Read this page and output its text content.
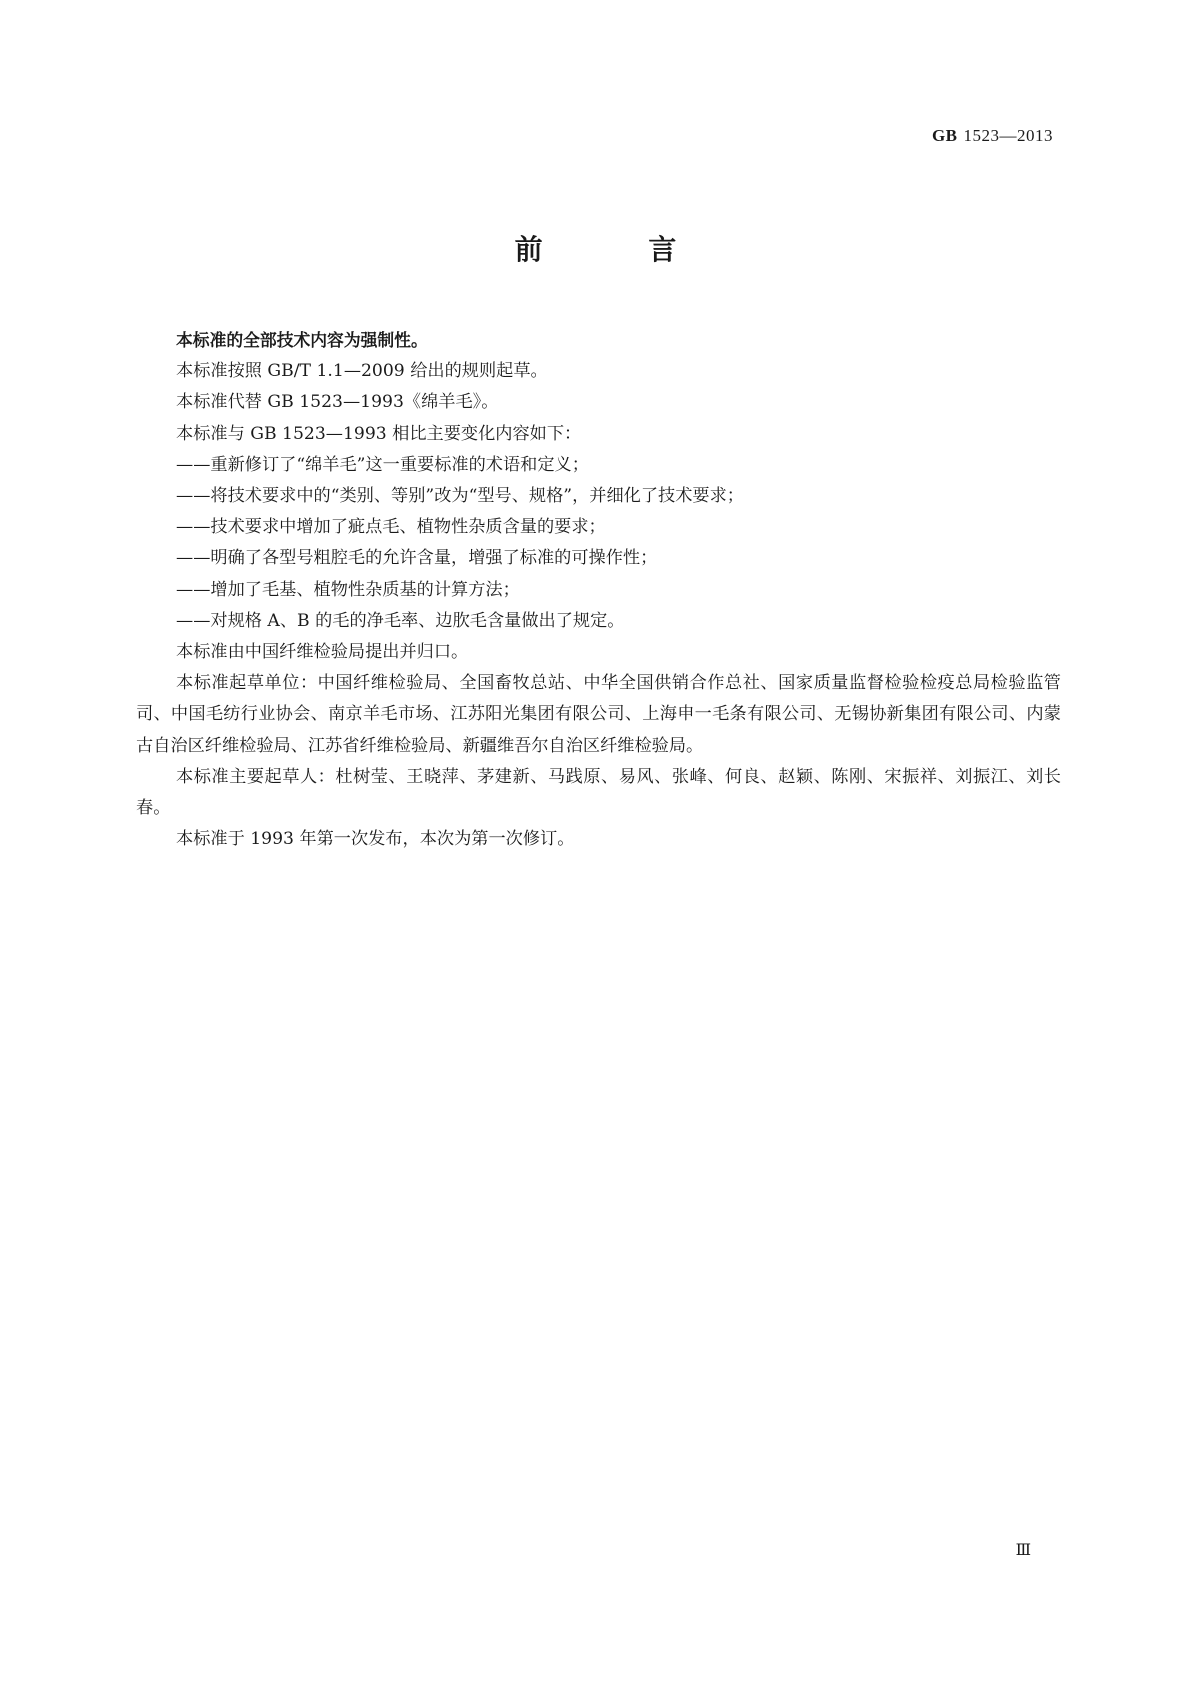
GB 1523—2013
前 言

本标准的全部技术内容为强制性。

本标准按照 GB/T 1.1—2009 给出的规则起草。

本标准代替 GB 1523—1993《绵羊毛》。

本标准与 GB 1523—1993 相比主要变化内容如下：

——重新修订了“绵羊毛”这一重要标准的术语和定义；

——将技术要求中的“类别、等别”改为“型号、规格”，并细化了技术要求；

——技术要求中增加了疵点毛、植物性杂质含量的要求；

——明确了各型号粗腔毛的允许含量，增强了标准的可操作性；

——增加了毛基、植物性杂质基的计算方法；

——对规格 A、B 的毛的净毛率、边肷毛含量做出了规定。

本标准由中国纤维检验局提出并归口。

本标准起草单位：中国纤维检验局、全国畜牧总站、中华全国供销合作总社、国家质量监督检验检疫总局检验监管司、中国毛纺行业协会、南京羊毛市场、江苏阳光集团有限公司、上海申一毛条有限公司、无锡协新集团有限公司、内蒙古自治区纤维检验局、江苏省纤维检验局、新疆维吾尔自治区纤维检验局。

本标准主要起草人：杜树莹、王晓萍、茅建新、马践原、易风、张峰、何良、赵颖、陈刚、宋振祥、刘振江、刘长春。

本标准于 1993 年第一次发布，本次为第一次修订。

Ⅲ
